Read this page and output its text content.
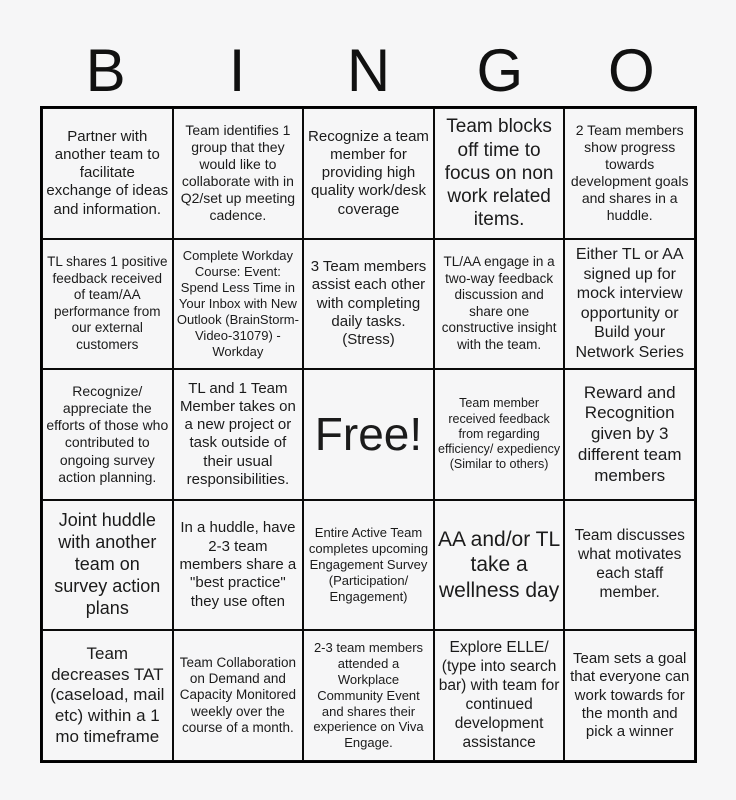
B	I	N	G	O
Partner with another team to facilitate exchange of ideas and information.
Team identifies 1 group that they would like to collaborate with in Q2/set up meeting cadence.
Recognize a team member for providing high quality work/desk coverage
Team blocks off time to focus on non work related items.
2 Team members show progress towards development goals and shares in a huddle.
TL shares 1 positive feedback received of team/AA performance from our external customers
Complete Workday Course: Event: Spend Less Time in Your Inbox with New Outlook (BrainStorm-Video-31079) - Workday
3 Team members assist each other with completing daily tasks. (Stress)
TL/AA engage in a two-way feedback discussion and share one constructive insight with the team.
Either TL or AA signed up for mock interview opportunity or Build your Network Series
Recognize/ appreciate the efforts of those who contributed to ongoing survey action planning.
TL and 1 Team Member takes on a new project or task outside of their usual responsibilities.
Free!
Team member received feedback from regarding efficiency/ expediency (Similar to others)
Reward and Recognition given by 3 different team members
Joint huddle with another team on survey action plans
In a huddle, have 2-3 team members share a "best practice" they use often
Entire Active Team completes upcoming Engagement Survey (Participation/ Engagement)
AA and/or TL take a wellness day
Team discusses what motivates each staff member.
Team decreases TAT (caseload, mail etc) within a 1 mo timeframe
Team Collaboration on Demand and Capacity Monitored weekly over the course of a month.
2-3 team members attended a Workplace Community Event and shares their experience on Viva Engage.
Explore ELLE/ (type into search bar) with team for continued development assistance
Team sets a goal that everyone can work towards for the month and pick a winner
